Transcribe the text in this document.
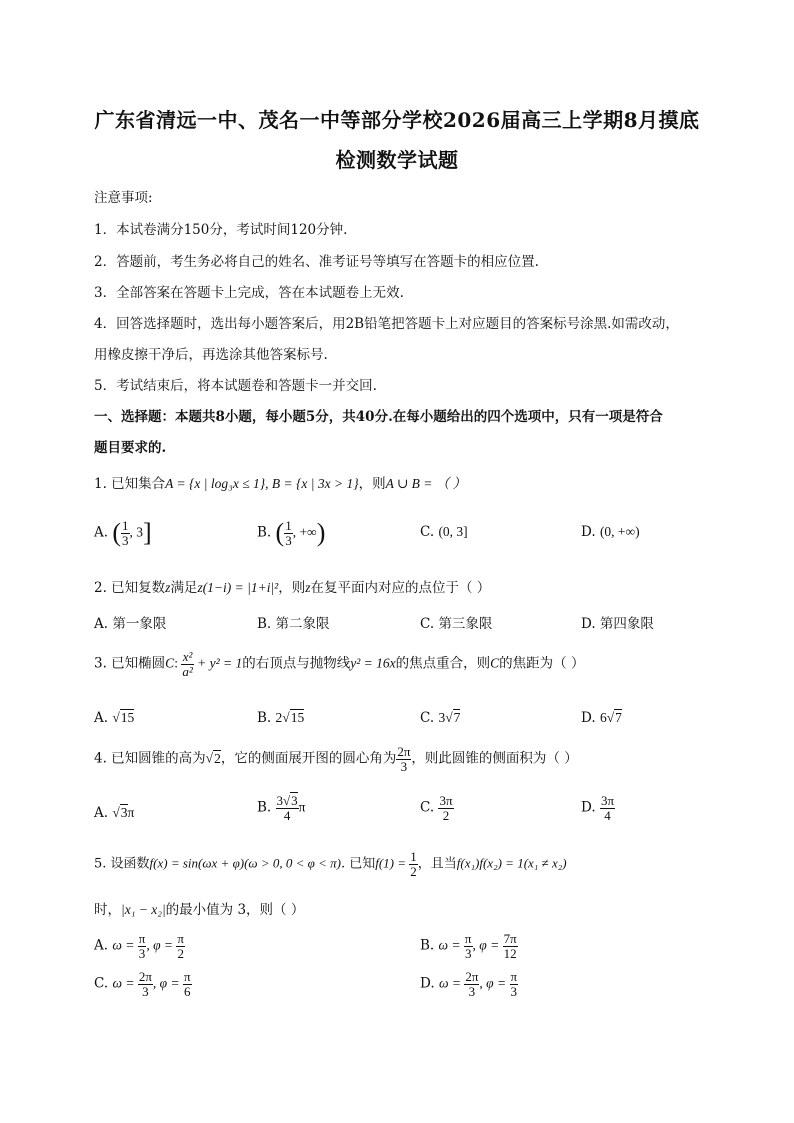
广东省清远一中、茂名一中等部分学校2026届高三上学期8月摸底
检测数学试题
注意事项:
1．本试卷满分150分，考试时间120分钟.
2．答题前，考生务必将自己的姓名、准考证号等填写在答题卡的相应位置.
3．全部答案在答题卡上完成，答在本试题卷上无效.
4．回答选择题时，选出每小题答案后，用2B铅笔把答题卡上对应题目的答案标号涂黑.如需改动，
用橡皮擦干净后，再选涂其他答案标号.
5．考试结束后，将本试题卷和答题卡一并交回.
一、选择题：本题共8小题，每小题5分，共40分.在每小题给出的四个选项中，只有一项是符合
题目要求的.
1. 已知集合A = {x | log₃x ≤ 1}, B = {x | 3x > 1}，则A ∪ B = （ ）
A. ( $\frac{1}{3}$ , 3]	B. ( $\frac{1}{3}$ , +∞)	C. (0, 3]	D. (0, +∞)
2. 已知复数z满足z(1−i) = |1+i|²，则z在复平面内对应的点位于（ ）
A. 第一象限	B. 第二象限	C. 第三象限	D. 第四象限
3. 已知椭圆C: $\frac{\text{x²}}{\text{a²}} + y^2 = 1$的右顶点与抛物线y² = 16x的焦点重合，则C的焦距为（ ）
A. √15	B. 2√15	C. 3√7	D. 6√7
4. 已知圆锥的高为√2，它的侧面展开图的圆心角为 $\frac{2\pi}{3}$ ，则此圆锥的侧面积为（ ）
A. √3π	B. $\frac{3√3}{4}$ π	C. $\frac{3\pi}{2}$	D. $\frac{3\pi}{4}$
5. 设函数f(x) = sin(ωx + φ)(ω > 0, 0 < φ < π). 已知$f(1) = \frac{1}{2}$ ，且当f(x₁)f(x₂) = 1(x₁ ≠ x₂)
时，|x₁ − x₂|的最小值为 3，则（ ）
A. $\omega = \frac{\pi}{3}$ , $\varphi = \frac{\pi}{2}$	B. $\omega = \frac{\pi}{3}$ , $\varphi = \frac{7\pi}{12}$
C. $\omega = \frac{2\pi}{3}$ , $\varphi = \frac{\pi}{6}$	D. $\omega = \frac{2\pi}{3}$ , $\varphi = \frac{\pi}{3}$
